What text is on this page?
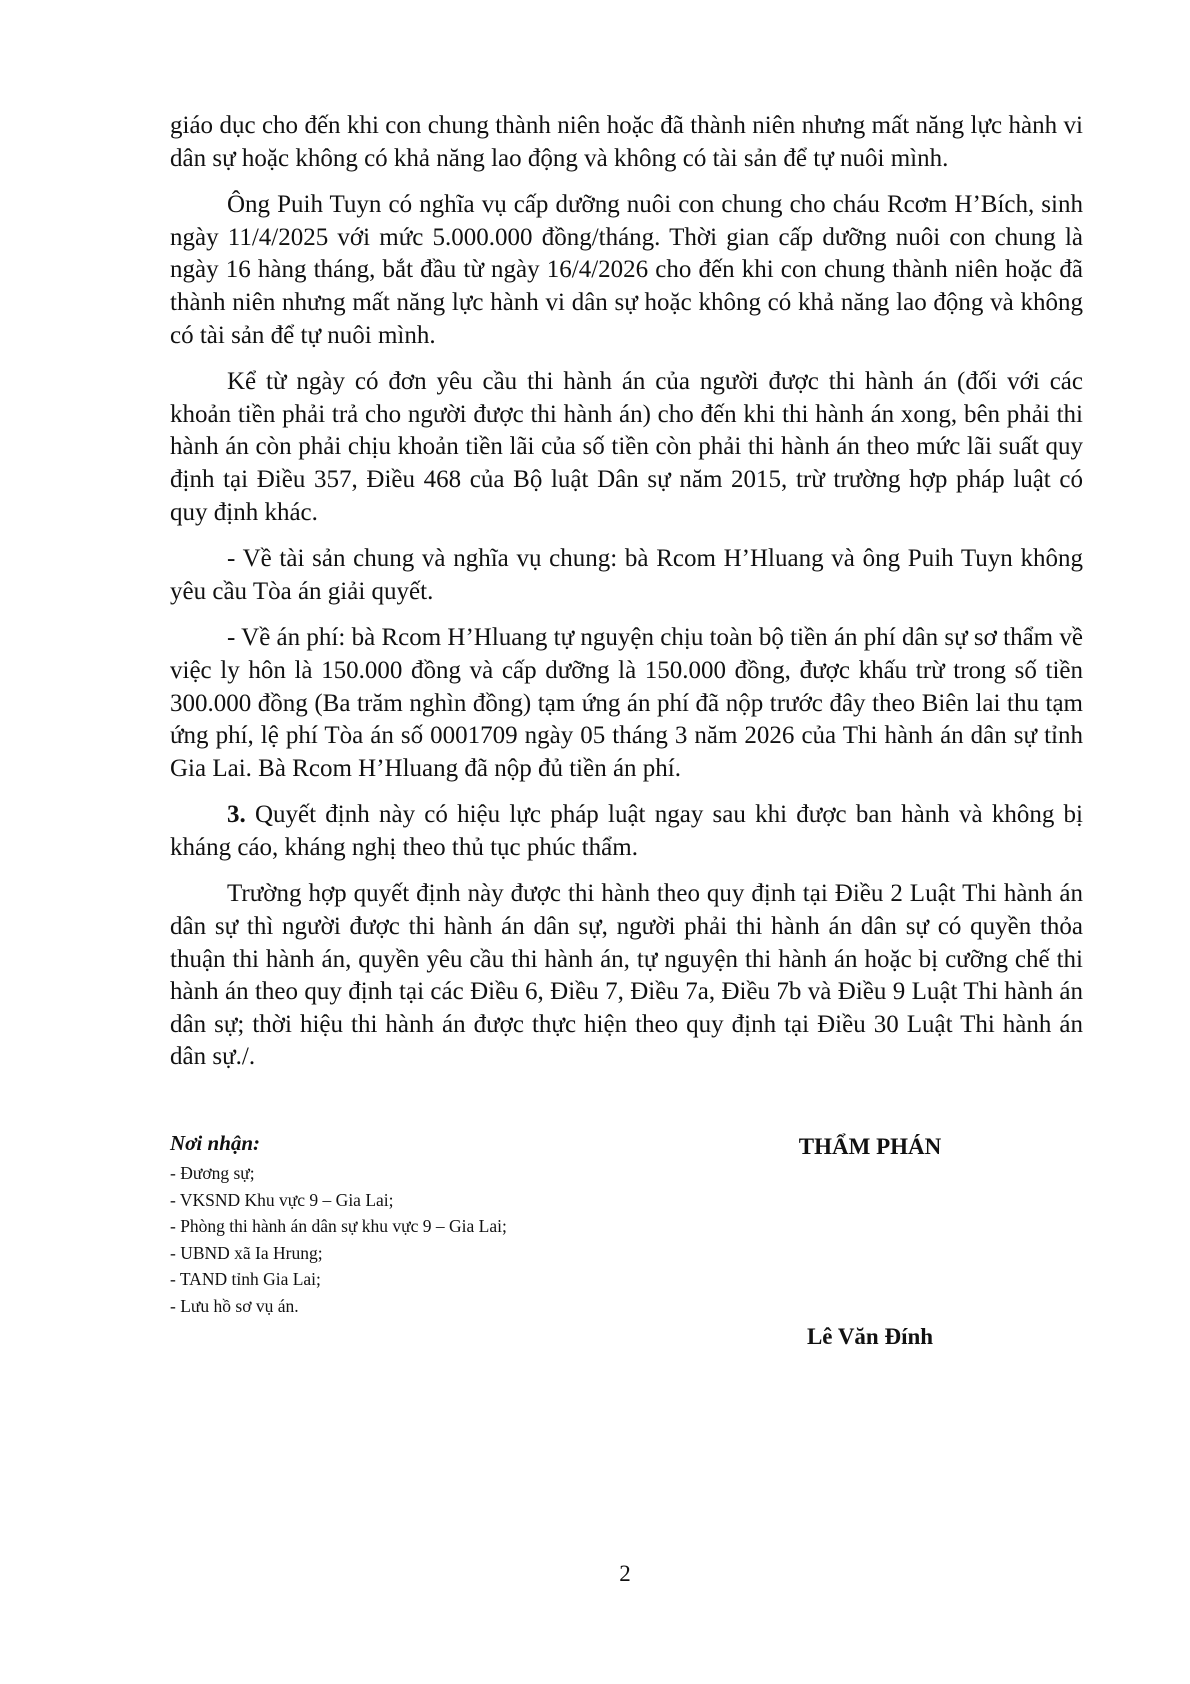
giáo dục cho đến khi con chung thành niên hoặc đã thành niên nhưng mất năng lực hành vi dân sự hoặc không có khả năng lao động và không có tài sản để tự nuôi mình.

Ông Puih Tuyn có nghĩa vụ cấp dưỡng nuôi con chung cho cháu Rcơm H’Bích, sinh ngày 11/4/2025 với mức 5.000.000 đồng/tháng. Thời gian cấp dưỡng nuôi con chung là ngày 16 hàng tháng, bắt đầu từ ngày 16/4/2026 cho đến khi con chung thành niên hoặc đã thành niên nhưng mất năng lực hành vi dân sự hoặc không có khả năng lao động và không có tài sản để tự nuôi mình.

Kể từ ngày có đơn yêu cầu thi hành án của người được thi hành án (đối với các khoản tiền phải trả cho người được thi hành án) cho đến khi thi hành án xong, bên phải thi hành án còn phải chịu khoản tiền lãi của số tiền còn phải thi hành án theo mức lãi suất quy định tại Điều 357, Điều 468 của Bộ luật Dân sự năm 2015, trừ trường hợp pháp luật có quy định khác.

- Về tài sản chung và nghĩa vụ chung: bà Rcom H’Hluang và ông Puih Tuyn không yêu cầu Tòa án giải quyết.

- Về án phí: bà Rcom H’Hluang tự nguyện chịu toàn bộ tiền án phí dân sự sơ thẩm về việc ly hôn là 150.000 đồng và cấp dưỡng là 150.000 đồng, được khấu trừ trong số tiền 300.000 đồng (Ba trăm nghìn đồng) tạm ứng án phí đã nộp trước đây theo Biên lai thu tạm ứng phí, lệ phí Tòa án số 0001709 ngày 05 tháng 3 năm 2026 của Thi hành án dân sự tỉnh Gia Lai. Bà Rcom H’Hluang đã nộp đủ tiền án phí.

3. Quyết định này có hiệu lực pháp luật ngay sau khi được ban hành và không bị kháng cáo, kháng nghị theo thủ tục phúc thẩm.

Trường hợp quyết định này được thi hành theo quy định tại Điều 2 Luật Thi hành án dân sự thì người được thi hành án dân sự, người phải thi hành án dân sự có quyền thỏa thuận thi hành án, quyền yêu cầu thi hành án, tự nguyện thi hành án hoặc bị cưỡng chế thi hành án theo quy định tại các Điều 6, Điều 7, Điều 7a, Điều 7b và Điều 9 Luật Thi hành án dân sự; thời hiệu thi hành án được thực hiện theo quy định tại Điều 30 Luật Thi hành án dân sự./.

Nơi nhận:
- Đương sự;
- VKSND Khu vực 9 – Gia Lai;
- Phòng thi hành án dân sự khu vực 9 – Gia Lai;
- UBND xã Ia Hrung;
- TAND tỉnh Gia Lai;
- Lưu hồ sơ vụ án.
THẨM PHÁN
Lê Văn Đính
2
